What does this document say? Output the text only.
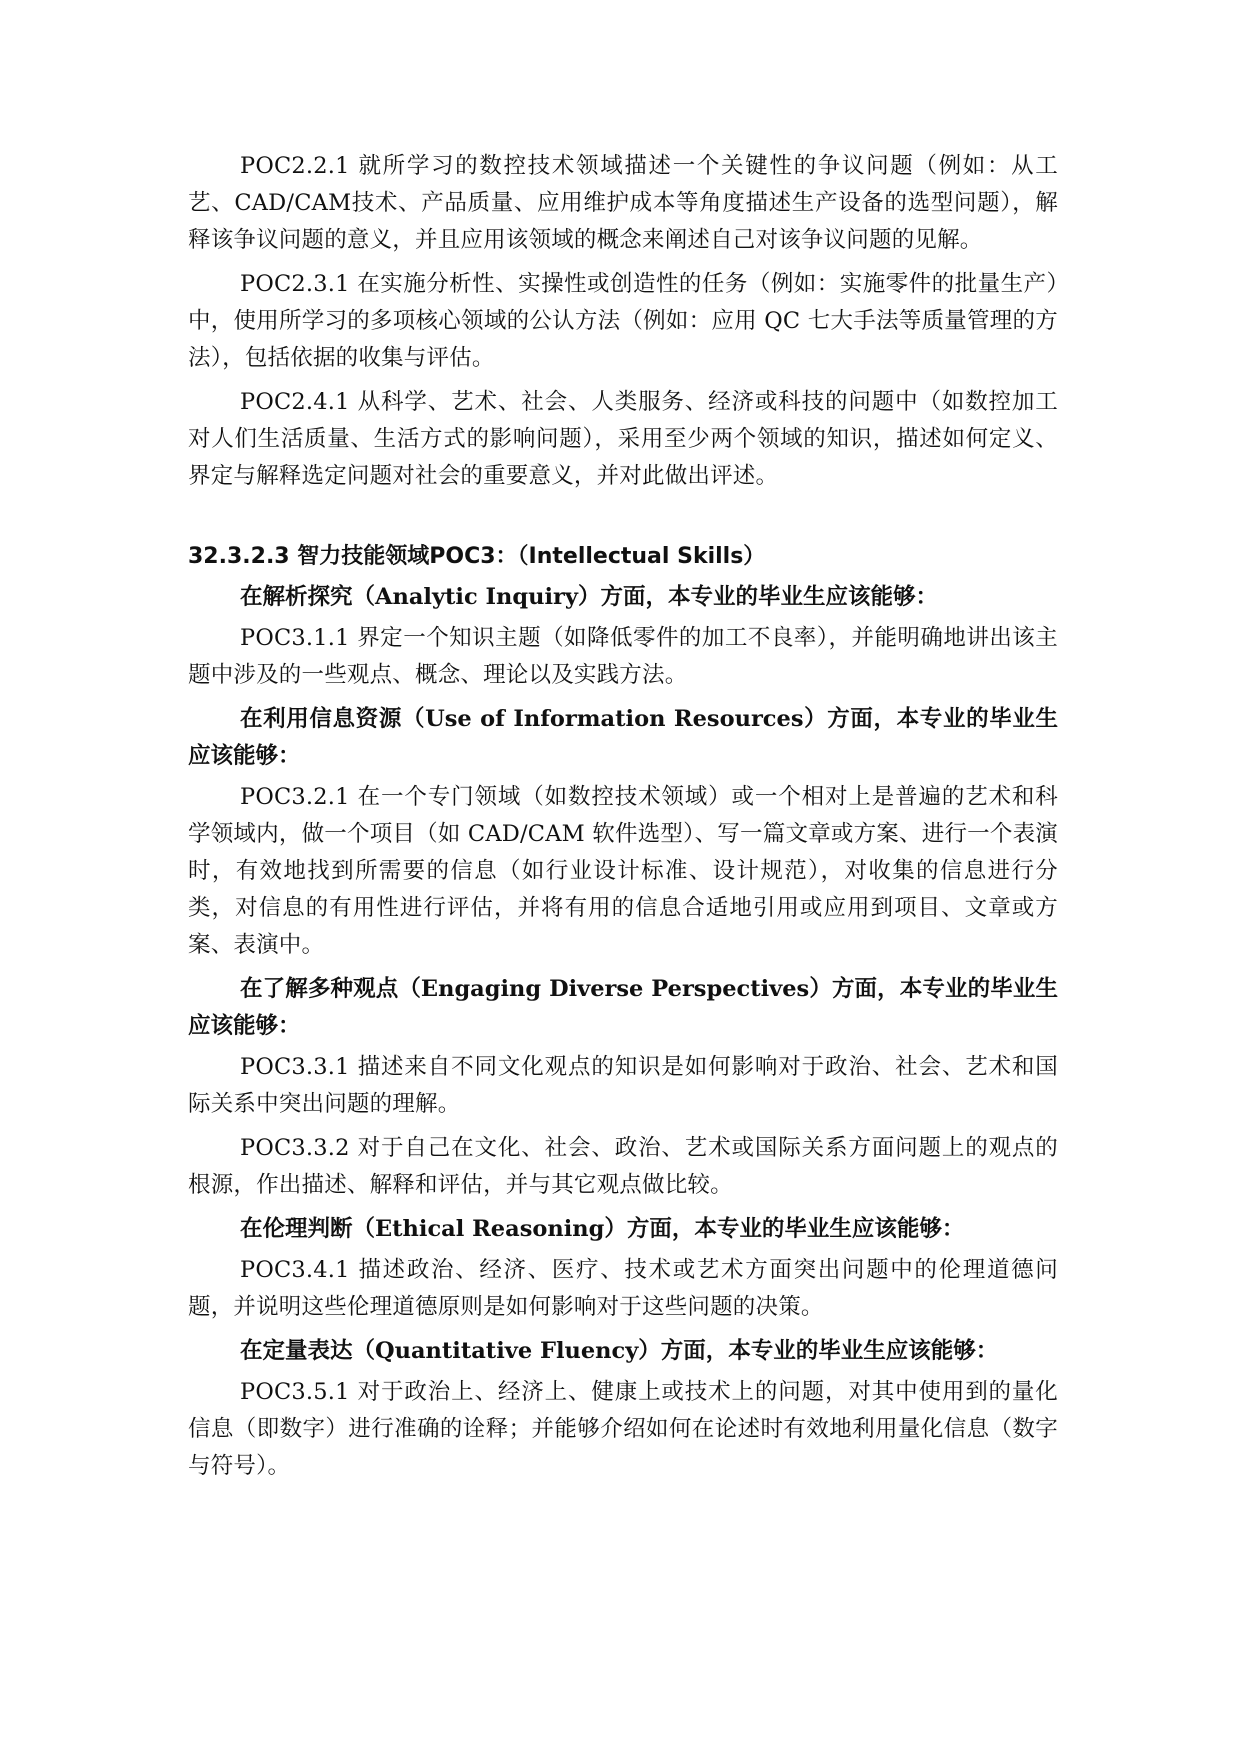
POC2.2.1 就所学习的数控技术领域描述一个关键性的争议问题（例如：从工艺、CAD/CAM技术、产品质量、应用维护成本等角度描述生产设备的选型问题），解释该争议问题的意义，并且应用该领域的概念来阐述自己对该争议问题的见解。

POC2.3.1 在实施分析性、实操性或创造性的任务（例如：实施零件的批量生产）中，使用所学习的多项核心领域的公认方法（例如：应用 QC 七大手法等质量管理的方法），包括依据的收集与评估。

POC2.4.1 从科学、艺术、社会、人类服务、经济或科技的问题中（如数控加工对人们生活质量、生活方式的影响问题），采用至少两个领域的知识，描述如何定义、界定与解释选定问题对社会的重要意义，并对此做出评述。

32.3.2.3 智力技能领域POC3：（Intellectual Skills）
在解析探究（Analytic Inquiry）方面，本专业的毕业生应该能够：

POC3.1.1 界定一个知识主题（如降低零件的加工不良率），并能明确地讲出该主题中涉及的一些观点、概念、理论以及实践方法。

在利用信息资源（Use of Information Resources）方面，本专业的毕业生应该能够：

POC3.2.1 在一个专门领域（如数控技术领域）或一个相对上是普遍的艺术和科学领域内，做一个项目（如 CAD/CAM 软件选型）、写一篇文章或方案、进行一个表演时，有效地找到所需要的信息（如行业设计标准、设计规范），对收集的信息进行分类，对信息的有用性进行评估，并将有用的信息合适地引用或应用到项目、文章或方案、表演中。

在了解多种观点（Engaging Diverse Perspectives）方面，本专业的毕业生应该能够：

POC3.3.1 描述来自不同文化观点的知识是如何影响对于政治、社会、艺术和国际关系中突出问题的理解。

POC3.3.2 对于自己在文化、社会、政治、艺术或国际关系方面问题上的观点的根源，作出描述、解释和评估，并与其它观点做比较。

在伦理判断（Ethical Reasoning）方面，本专业的毕业生应该能够：

POC3.4.1 描述政治、经济、医疗、技术或艺术方面突出问题中的伦理道德问题，并说明这些伦理道德原则是如何影响对于这些问题的决策。

在定量表达（Quantitative Fluency）方面，本专业的毕业生应该能够：

POC3.5.1 对于政治上、经济上、健康上或技术上的问题，对其中使用到的量化信息（即数字）进行准确的诠释；并能够介绍如何在论述时有效地利用量化信息（数字与符号）。
